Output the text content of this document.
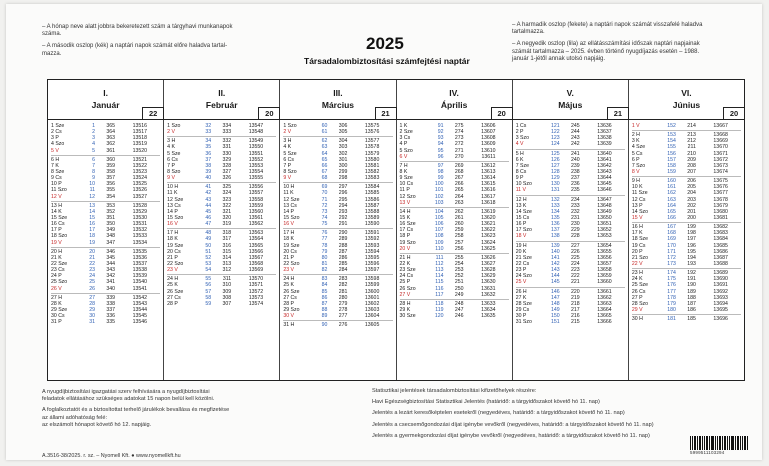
– A hónap neve alatt jobbra bekeretezett szám a tárgyhavi munkanapok
száma.
– A második oszlop (kék) a naptári napok számát előre haladva tartal-
mazza.
– A harmadik oszlop (fekete) a naptári napok számát visszafelé haladva
tartalmazza.
– A negyedik oszlop (lila) az ellátásszámítási időszak naptári napjainak
számát tartalmazza – 2025. évben történő nyugdíjazás esetén – 1988.
január 1-jétől annak utolsó napjáig.
2025
Társadalombiztosítási számfejtési naptár
I.
Január
22
1 Sze	1	365	13516
2 Cs	2	364	13517
3 P	3	363	13518
4 Szo	4	362	13519
5 V	5	361	13520
6 H	6	360	13521
7 K	7	359	13522
8 Sze	8	358	13523
9 Cs	9	357	13524
10 P	10	356	13525
11 Szo	11	355	13526
12 V	12	354	13527
13 H	13	353	13528
14 K	14	352	13529
15 Sze	15	351	13530
16 Cs	16	350	13531
17 P	17	349	13532
18 Szo	18	348	13533
19 V	19	347	13534
20 H	20	346	13535
21 K	21	345	13536
22 Sze	22	344	13537
23 Cs	23	343	13538
24 P	24	342	13539
25 Szo	25	341	13540
26 V	26	340	13541
27 H	27	339	13542
28 K	28	338	13543
29 Sze	29	337	13544
30 Cs	30	336	13545
31 P	31	335	13546
II.
Február
20
1 Szo	32	334	13547
2 V	33	333	13548
3 H	34	332	13549
4 K	35	331	13550
5 Sze	36	330	13551
6 Cs	37	329	13552
7 P	38	328	13553
8 Szo	39	327	13554
9 V	40	326	13555
10 H	41	325	13556
11 K	42	324	13557
12 Sze	43	323	13558
13 Cs	44	322	13559
14 P	45	321	13560
15 Szo	46	320	13561
16 V	47	319	13562
17 H	48	318	13563
18 K	49	317	13564
19 Sze	50	316	13565
20 Cs	51	315	13566
21 P	52	314	13567
22 Szo	53	313	13568
23 V	54	312	13569
24 H	55	311	13570
25 K	56	310	13571
26 Sze	57	309	13572
27 Cs	58	308	13573
28 P	59	307	13574
III.
Március
21
1 Szo	60	306	13575
2 V	61	305	13576
3 H	62	304	13577
4 K	63	303	13578
5 Sze	64	302	13579
6 Cs	65	301	13580
7 P	66	300	13581
8 Szo	67	299	13582
9 V	68	298	13583
10 H	69	297	13584
11 K	70	296	13585
12 Sze	71	295	13586
13 Cs	72	294	13587
14 P	73	293	13588
15 Szo	74	292	13589
16 V	75	291	13590
17 H	76	290	13591
18 K	77	289	13592
19 Sze	78	288	13593
20 Cs	79	287	13594
21 P	80	286	13595
22 Szo	81	285	13596
23 V	82	284	13597
24 H	83	283	13598
25 K	84	282	13599
26 Sze	85	281	13600
27 Cs	86	280	13601
28 P	87	279	13602
29 Szo	88	278	13603
30 V	89	277	13604
31 H	90	276	13605
IV.
Április
20
1 K	91	275	13606
2 Sze	92	274	13607
3 Cs	93	273	13608
4 P	94	272	13609
5 Szo	95	271	13610
6 V	96	270	13611
7 H	97	269	13612
8 K	98	268	13613
9 Sze	99	267	13614
10 Cs	100	266	13615
11 P	101	265	13616
12 Szo	102	264	13617
13 V	103	263	13618
14 H	104	262	13619
15 K	105	261	13620
16 Sze	106	260	13621
17 Cs	107	259	13622
18 P	108	258	13623
19 Szo	109	257	13624
20 V	110	256	13625
21 H	111	255	13626
22 K	112	254	13627
23 Sze	113	253	13628
24 Cs	114	252	13629
25 P	115	251	13630
26 Szo	116	250	13631
27 V	117	249	13632
28 H	118	248	13633
29 K	119	247	13634
30 Sze	120	246	13635
V.
Május
21
1 Cs	121	245	13636
2 P	122	244	13637
3 Szo	123	243	13638
4 V	124	242	13639
5 H	125	241	13640
6 K	126	240	13641
7 Sze	127	239	13642
8 Cs	128	238	13643
9 P	129	237	13644
10 Szo	130	236	13645
11 V	131	235	13646
12 H	132	234	13647
13 K	133	233	13648
14 Sze	134	232	13649
15 Cs	135	231	13650
16 P	136	230	13651
17 Szo	137	229	13652
18 V	138	228	13653
19 H	139	227	13654
20 K	140	226	13655
21 Sze	141	225	13656
22 Cs	142	224	13657
23 P	143	223	13658
24 Szo	144	222	13659
25 V	145	221	13660
26 H	146	220	13661
27 K	147	219	13662
28 Sze	148	218	13663
29 Cs	149	217	13664
30 P	150	216	13665
31 Szo	151	215	13666
VI.
Június
20
1 V	152	214	13667
2 H	153	213	13668
3 K	154	212	13669
4 Sze	155	211	13670
5 Cs	156	210	13671
6 P	157	209	13672
7 Szo	158	208	13673
8 V	159	207	13674
9 H	160	206	13675
10 K	161	205	13676
11 Sze	162	204	13677
12 Cs	163	203	13678
13 P	164	202	13679
14 Szo	165	201	13680
15 V	166	200	13681
16 H	167	199	13682
17 K	168	198	13683
18 Sze	169	197	13684
19 Cs	170	196	13685
20 P	171	195	13686
21 Szo	172	194	13687
22 V	173	193	13688
23 H	174	192	13689
24 K	175	191	13690
25 Sze	176	190	13691
26 Cs	177	189	13692
27 P	178	188	13693
28 Szo	179	187	13694
29 V	180	186	13695
30 H	181	185	13696
A nyugdíjbiztosítási igazgatási szerv felhívására a nyugdíjbiztosítási
feladatok ellátásához szükséges adatokat 15 napon belül kell közölni.
A foglalkoztatót és a biztosítottat terhelő járulékok bevallása és megfizetése
az állami adóhatóság felé:
az elszámolt hónapot követő hó 12. napjáig.
Statisztikai jelentések társadalombiztosítási kifizetőhelyek részére:
Havi Egészségbiztosítási Statisztikai Jelentés (határidő: a tárgyidőszakot követő hó 11. nap)
Jelentés a lezárt keresőképtelen esetekről (negyedéves, határidő: a tárgyidőszakot követő hó 11. nap)
Jelentés a csecsemőgondozási díjat igénybe vevőkről (negyedéves, határidő: a tárgyidőszakot követő hó 11. nap)
Jelentés a gyermekgondozási díjat igénybe vevőkről (negyedéves, határidő: a tárgyidőszakot követő hó 11. nap)
A.3516-38/2025. r. sz. – Nyomell Kft. ● www.nyomellkft.hu
5999511103294
